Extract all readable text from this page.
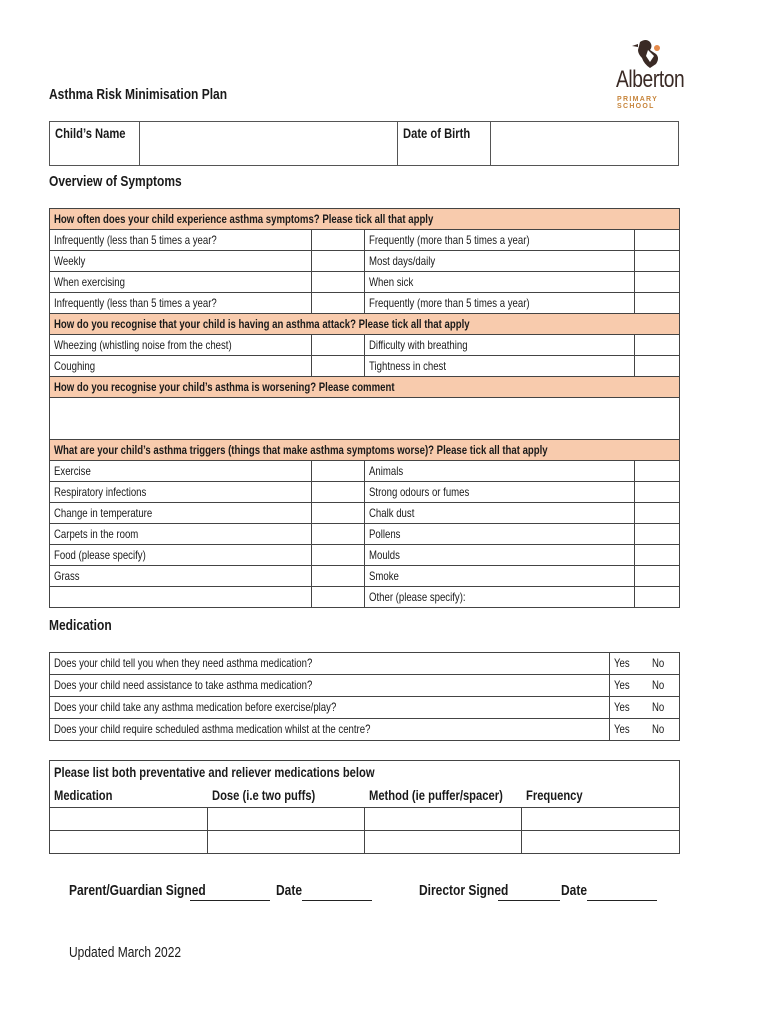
Alberton
PRIMARY SCHOOL
Asthma Risk Minimisation Plan
Child’s Name		Date of Birth	
Overview of Symptoms
How often does your child experience asthma symptoms? Please tick all that apply			
Infrequently (less than 5 times a year?		Frequently (more than 5 times a year)	
Weekly		Most days/daily	
When exercising		When sick	
Infrequently (less than 5 times a year?		Frequently (more than 5 times a year)	
How do you recognise that your child is having an asthma attack? Please tick all that apply			
Wheezing (whistling noise from the chest)		Difficulty with breathing	
Coughing		Tightness in chest	
How do you recognise your child’s asthma is worsening? Please comment			

What are your child’s asthma triggers (things that make asthma symptoms worse)? Please tick all that apply			
Exercise		Animals	
Respiratory infections		Strong odours or fumes	
Change in temperature		Chalk dust	
Carpets in the room		Pollens	
Food (please specify)		Moulds	
Grass		Smoke	
		Other (please specify):	
Medication
Does your child tell you when they need asthma medication?	Yes	No
Does your child need assistance to take asthma medication?	Yes	No
Does your child take any asthma medication before exercise/play?	Yes	No
Does your child require scheduled asthma medication whilst at the centre?	Yes	No
Please list both preventative and reliever medications below			
Medication	Dose (i.e two puffs)	Method (ie puffer/spacer)	Frequency

Parent/Guardian Signed	Date	Director Signed	Date
Updated March 2022
